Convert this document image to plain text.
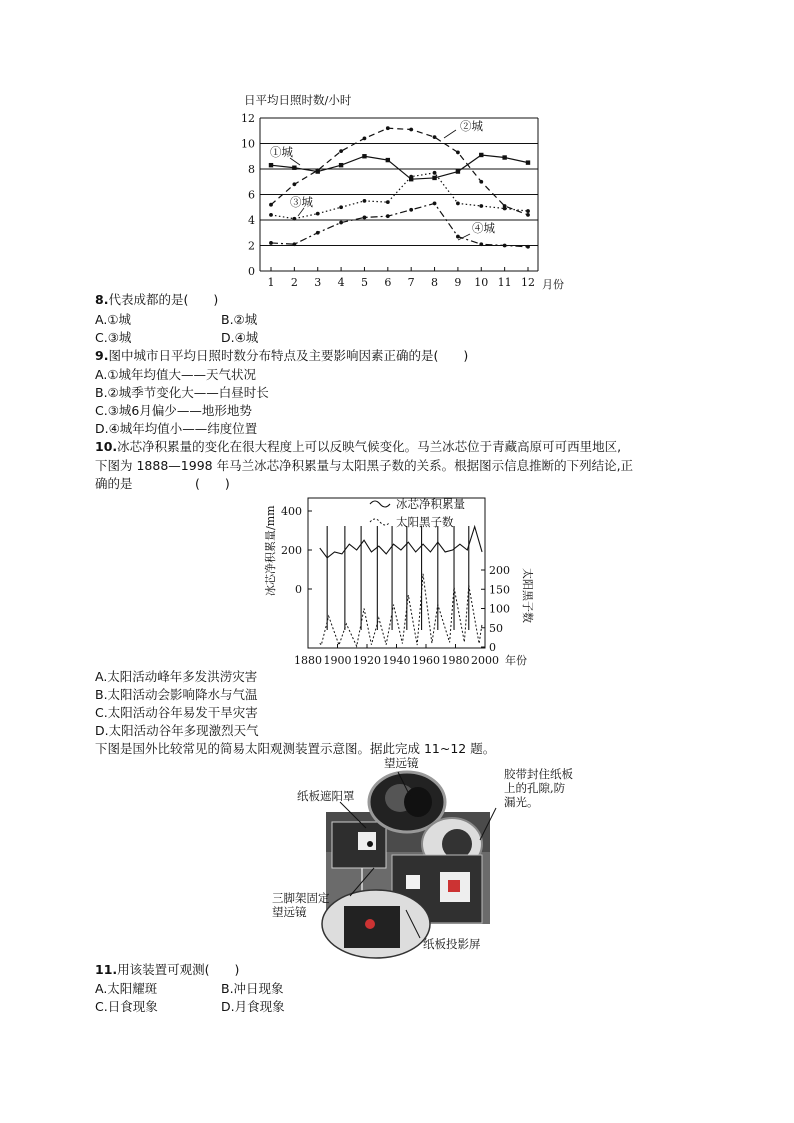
日平均日照时数/小时
0
2
4
6
8
10
12
1 2 3 4 5 6 7 8 9 10 11 12 月份
①城
②城
③城
④城
8.代表成都的是(　　)
A.①城	B.②城
C.③城	D.④城
9.图中城市日平均日照时数分布特点及主要影响因素正确的是(　　)
A.①城年均值大——天气状况
B.②城季节变化大——白昼时长
C.③城6月偏少——地形地势
D.④城年均值小——纬度位置
10.冰芯净积累量的变化在很大程度上可以反映气候变化。马兰冰芯位于青藏高原可可西里地区,
下图为 1888—1998 年马兰冰芯净积累量与太阳黑子数的关系。根据图示信息推断的下列结论,正
确的是　　　　　(　　)
400
200
0
200
150
100
50
0
1880 1900 1920 1940 1960 1980 2000 年份
冰芯净积累量/mm	太阳黑子数
冰芯净积累量
太阳黑子数
A.太阳活动峰年多发洪涝灾害
B.太阳活动会影响降水与气温
C.太阳活动谷年易发干旱灾害
D.太阳活动谷年多现激烈天气
下图是国外比较常见的简易太阳观测装置示意图。据此完成 11~12 题。
望远镜
纸板遮阳罩
胶带封住纸板
上的孔隙,防
漏光。
三脚架固定
望远镜
纸板投影屏
11.用该装置可观测(　　)
A.太阳耀斑	B.冲日现象
C.日食现象	D.月食现象
